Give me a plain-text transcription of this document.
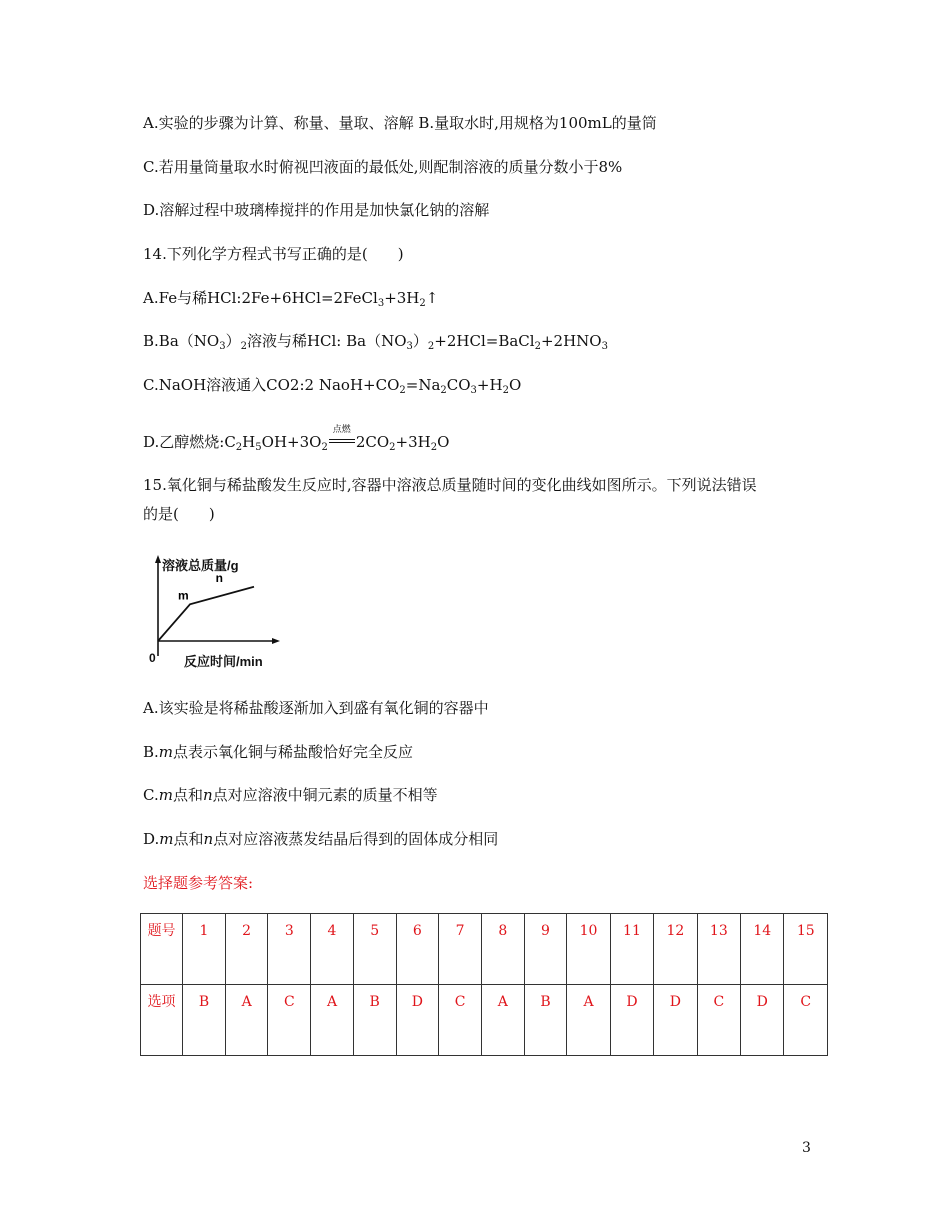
A.实验的步骤为计算、称量、量取、溶解 B.量取水时,用规格为100mL的量筒
C.若用量筒量取水时俯视凹液面的最低处,则配制溶液的质量分数小于8%
D.溶解过程中玻璃棒搅拌的作用是加快氯化钠的溶解
14.下列化学方程式书写正确的是(　　)
A.Fe与稀$HCl:2Fe+6HCl=2FeCl_3+3H_2↑$
$B.Ba(NO_3)_2$溶液与稀HCl: $Ba(NO_3)_2+2HCl=BaCl_2+2HNO_3$
C.NaOH溶液通入CO2:2 $NaoH+CO_2=Na_2CO_3+H_2O$
D.乙醇燃烧$:C_2H_5OH+3O_2$
点燃
$2CO_2+3H_2O$
15.氧化铜与稀盐酸发生反应时,容器中溶液总质量随时间的变化曲线如图所示。下列说法错误
的是(　　)
溶液总质量/g
反应时间/min
0
m
n
A.该实验是将稀盐酸逐渐加入到盛有氧化铜的容器中
B.m点表示氧化铜与稀盐酸恰好完全反应
C.m点和n点对应溶液中铜元素的质量不相等
D.m点和n点对应溶液蒸发结晶后得到的固体成分相同
选择题参考答案:
题号	1	2	3	4	5	6	7	8	9	10	11	12	13	14	15
选项	B	A	C	A	B	D	C	A	B	A	D	D	C	D	C
3
